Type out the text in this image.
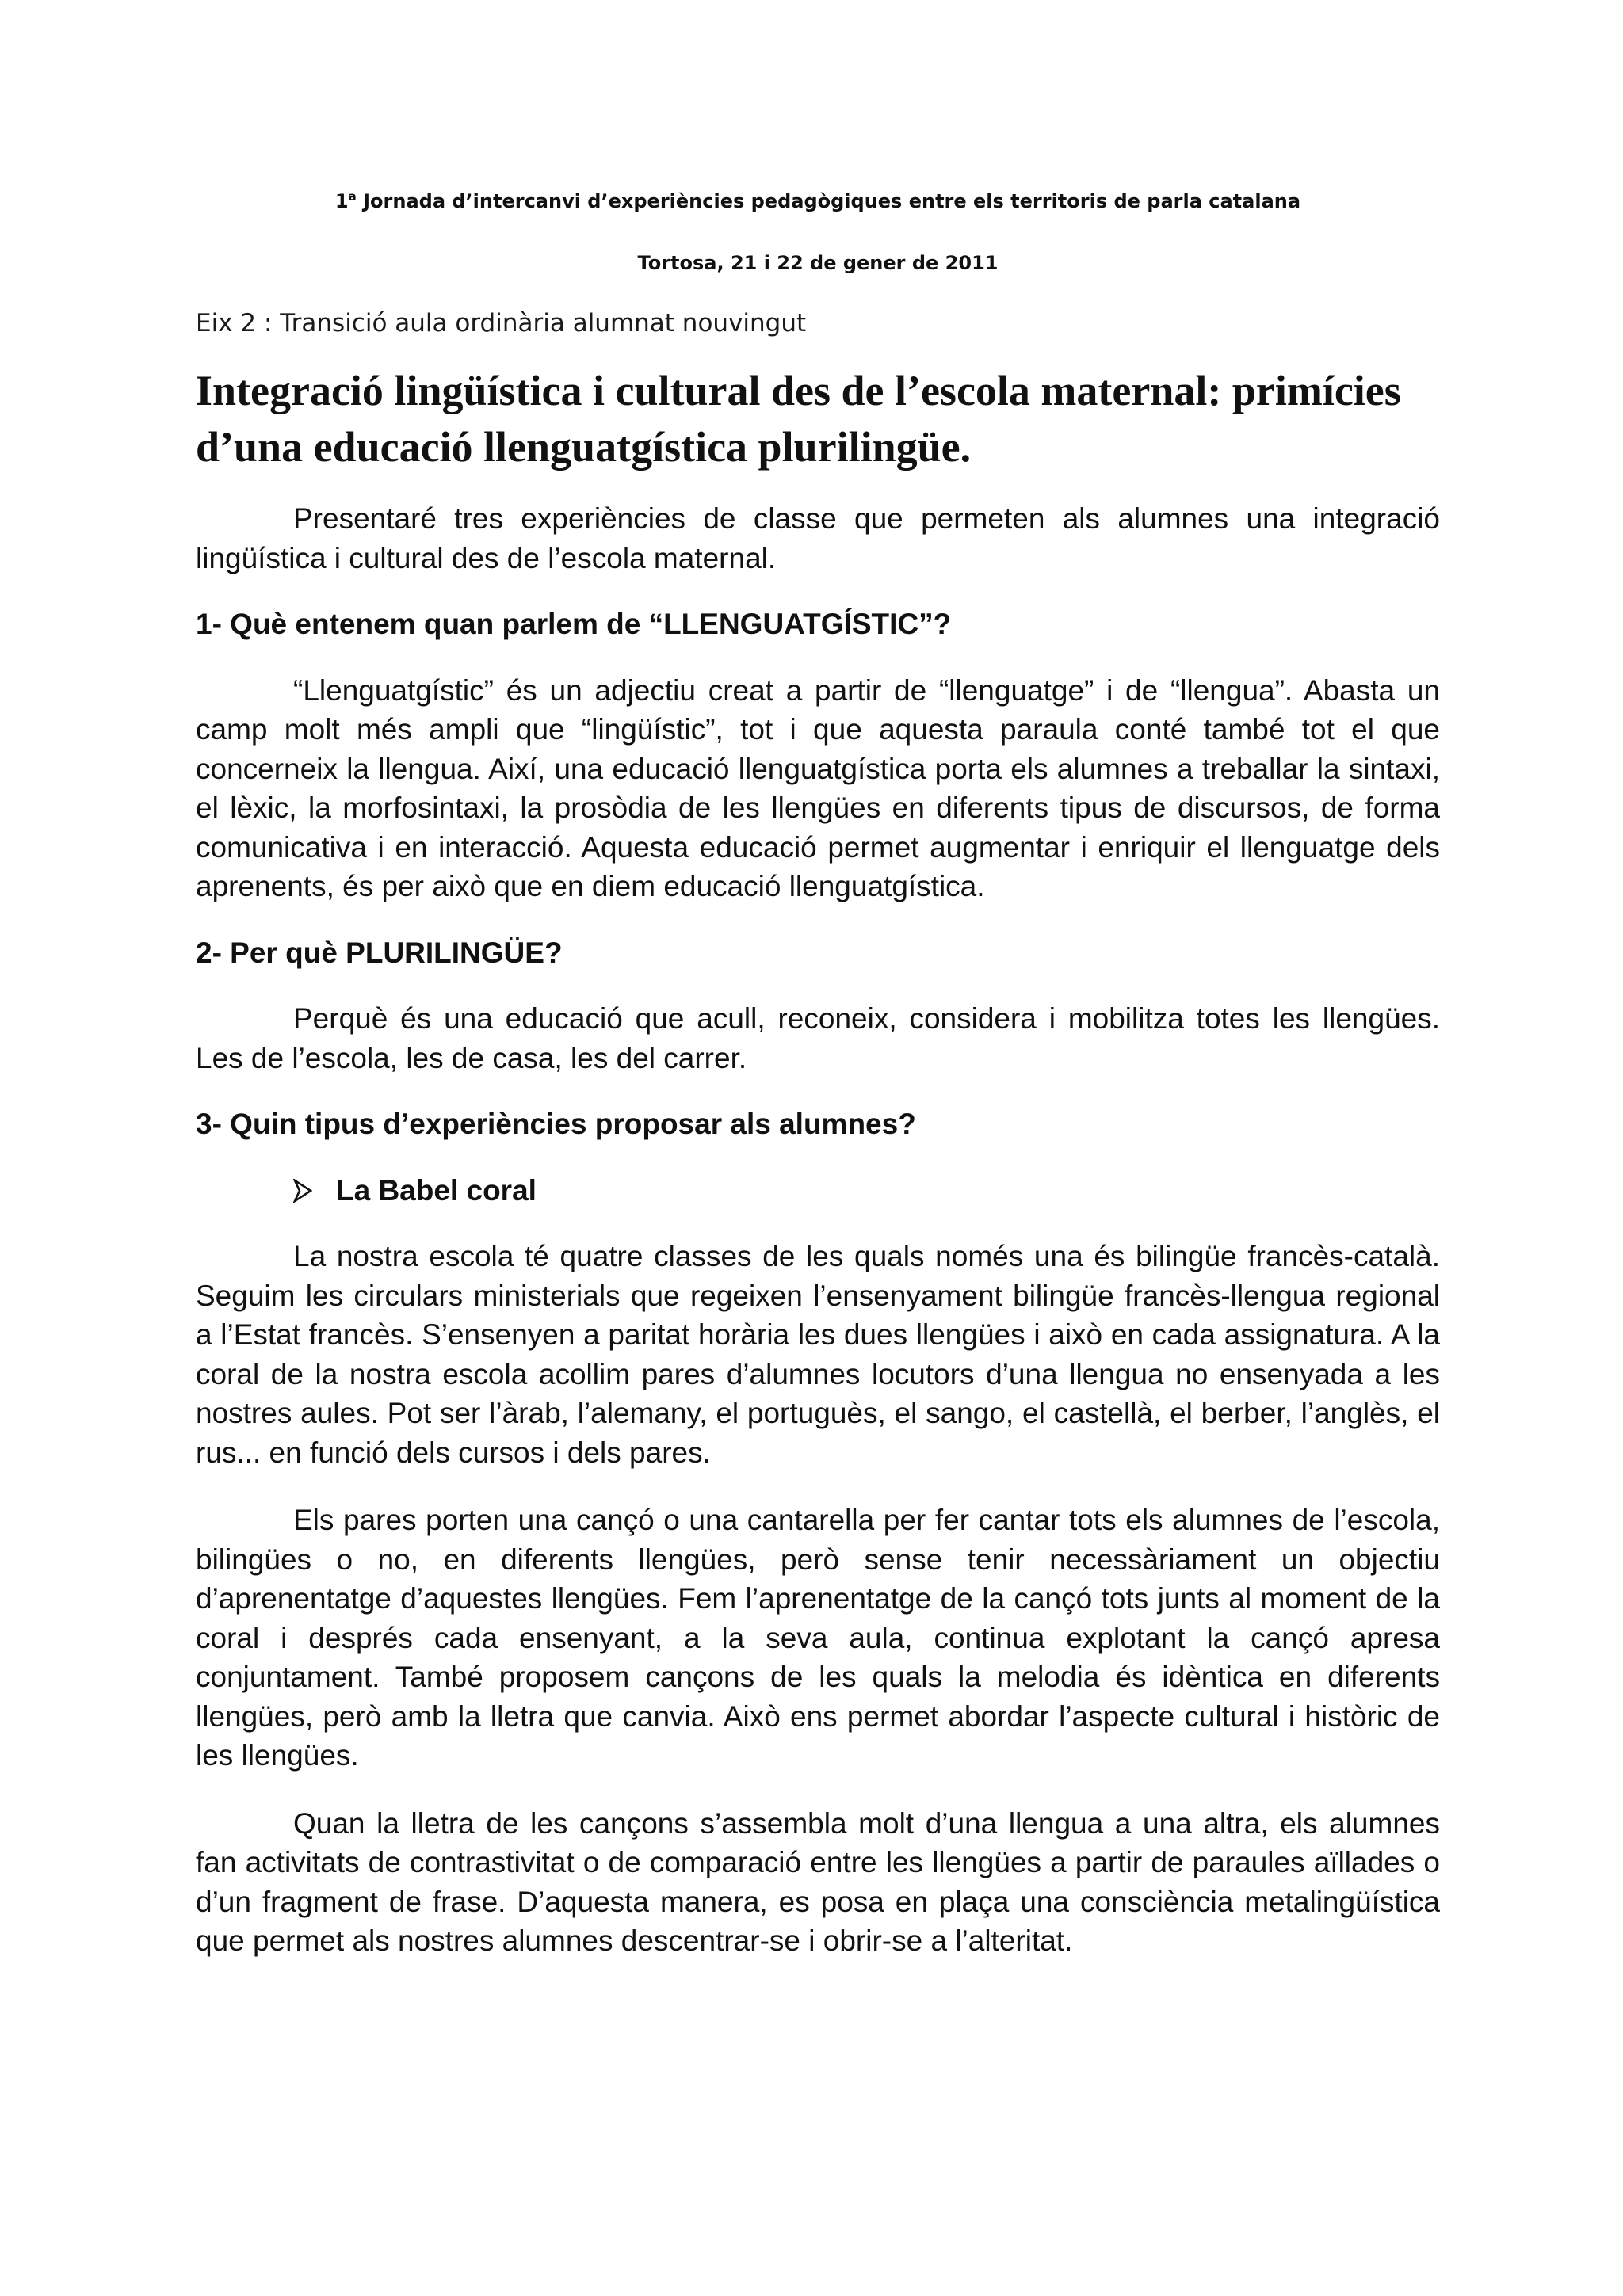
1$^a$ Jornada d’intercanvi d’experiències pedagògiques entre els territoris de parla catalana

Tortosa, 21 i 22 de gener de 2011

Eix 2 : Transició aula ordinària alumnat nouvingut

Integració lingüística i cultural des de l’escola maternal: primícies d’una educació llenguatgística plurilingüe.

Presentaré tres experiències de classe que permeten als alumnes una integració lingüística i cultural des de l’escola maternal.

1- Què entenem quan parlem de “LLENGUATGÍSTIC”?

“Llenguatgístic” és un adjectiu creat a partir de “llenguatge” i de “llengua”. Abasta un camp molt més ampli que “lingüístic”, tot i que aquesta paraula conté també tot el que concerneix la llengua. Així, una educació llenguatgística porta els alumnes a treballar la sintaxi, el lèxic, la morfosintaxi, la prosòdia de les llengües en diferents tipus de discursos, de forma comunicativa i en interacció. Aquesta educació permet augmentar i enriquir el llenguatge dels aprenents, és per això que en diem educació llenguatgística.

2- Per què PLURILINGÜE?

Perquè és una educació que acull, reconeix, considera i mobilitza totes les llengües. Les de l’escola, les de casa, les del carrer.

3- Quin tipus d’experiències proposar als alumnes?

La Babel coral

La nostra escola té quatre classes de les quals només una és bilingüe francès-català. Seguim les circulars ministerials que regeixen l’ensenyament bilingüe francès-llengua regional a l’Estat francès. S’ensenyen a paritat horària les dues llengües i això en cada assignatura. A la coral de la nostra escola acollim pares d’alumnes locutors d’una llengua no ensenyada a les nostres aules. Pot ser l’àrab, l’alemany, el portuguès, el sango, el castellà, el berber, l’anglès, el rus... en funció dels cursos i dels pares.

Els pares porten una cançó o una cantarella per fer cantar tots els alumnes de l’escola, bilingües o no, en diferents llengües, però sense tenir necessàriament un objectiu d’aprenentatge d’aquestes llengües. Fem l’aprenentatge de la cançó tots junts al moment de la coral i després cada ensenyant, a la seva aula, continua explotant la cançó apresa conjuntament. També proposem cançons de les quals la melodia és idèntica en diferents llengües, però amb la lletra que canvia. Això ens permet abordar l’aspecte cultural i històric de les llengües.

Quan la lletra de les cançons s’assembla molt d’una llengua a una altra, els alumnes fan activitats de contrastivitat o de comparació entre les llengües a partir de paraules aïllades o d’un fragment de frase. D’aquesta manera, es posa en plaça una consciència metalingüística que permet als nostres alumnes descentrar-se i obrir-se a l’alteritat.
